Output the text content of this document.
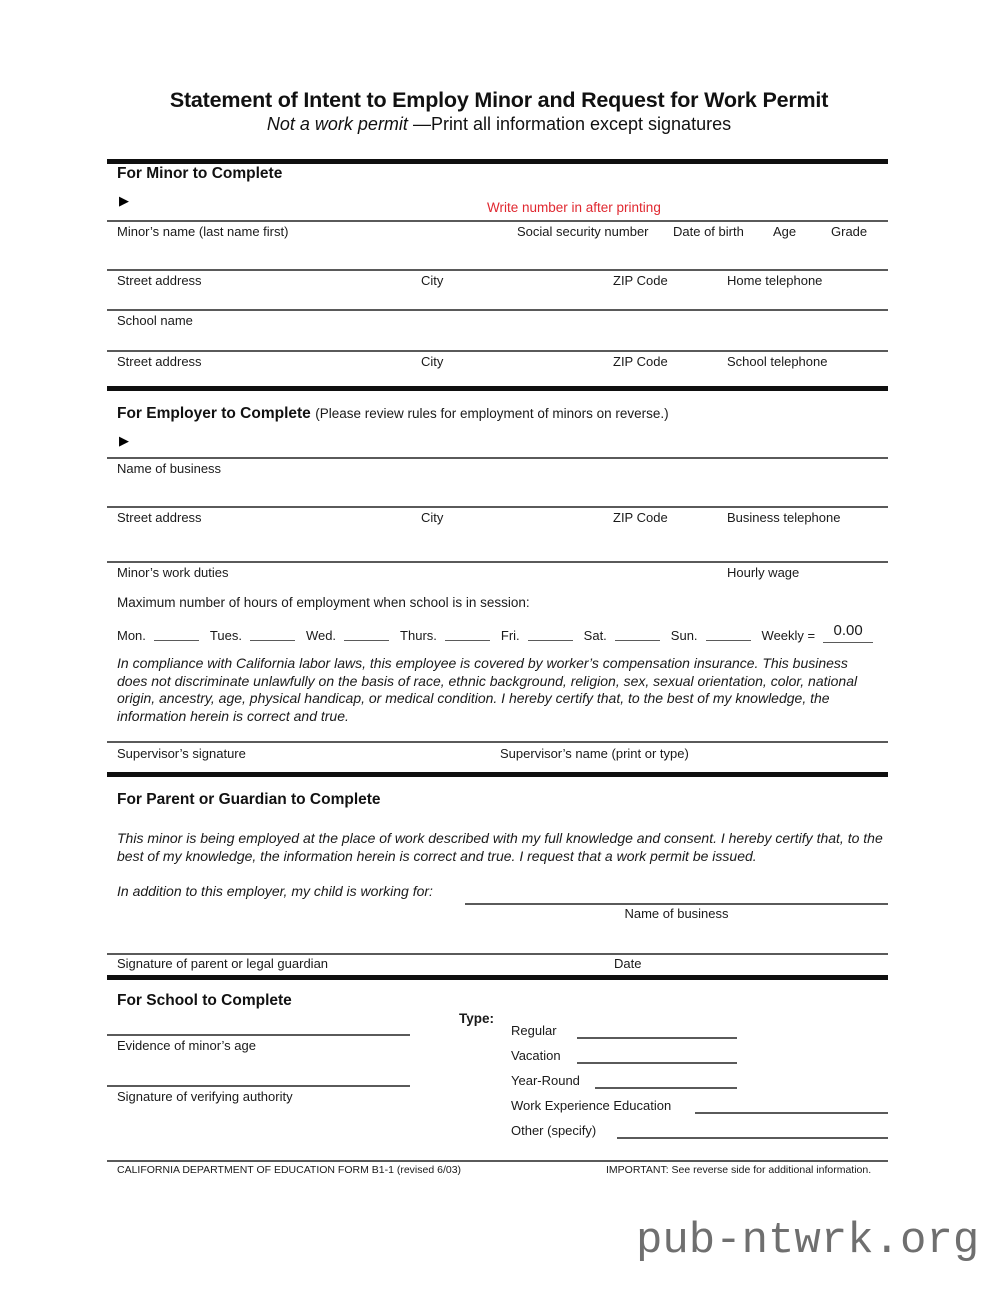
Statement of Intent to Employ Minor and Request for Work Permit
Not a work permit —Print all information except signatures
For Minor to Complete
▶	Write number in after printing
Minor’s name (last name first)	Social security number Date of birth Age	Grade
Street address	City	ZIP Code	Home telephone
School name
Street address	City	ZIP Code	School telephone
For Employer to Complete (Please review rules for employment of minors on reverse.)
▶
Name of business
Street address	City	ZIP Code	Business telephone
Minor’s work duties	Hourly wage
Maximum number of hours of employment when school is in session:
Mon.	Tues.	Wed.	Thurs.	Fri.	Sat.	Sun.	Weekly =	0.00
In compliance with California labor laws, this employee is covered by worker’s compensation insurance. This business does not discriminate unlawfully on the basis of race, ethnic background, religion, sex, sexual orientation, color, national origin, ancestry, age, physical handicap, or medical condition. I hereby certify that, to the best of my knowledge, the information herein is correct and true.
Supervisor’s signature	Supervisor’s name (print or type)
For Parent or Guardian to Complete
This minor is being employed at the place of work described with my full knowledge and consent. I hereby certify that, to the best of my knowledge, the information herein is correct and true. I request that a work permit be issued.
In addition to this employer, my child is working for:
Name of business
Signature of parent or legal guardian	Date
For School to Complete
Type:
Evidence of minor’s age
Signature of verifying authority
Regular
Vacation
Year-Round
Work Experience Education
Other (specify)
CALIFORNIA DEPARTMENT OF EDUCATION FORM B1-1 (revised 6/03)	IMPORTANT: See reverse side for additional information.
pub-ntwrk.org
